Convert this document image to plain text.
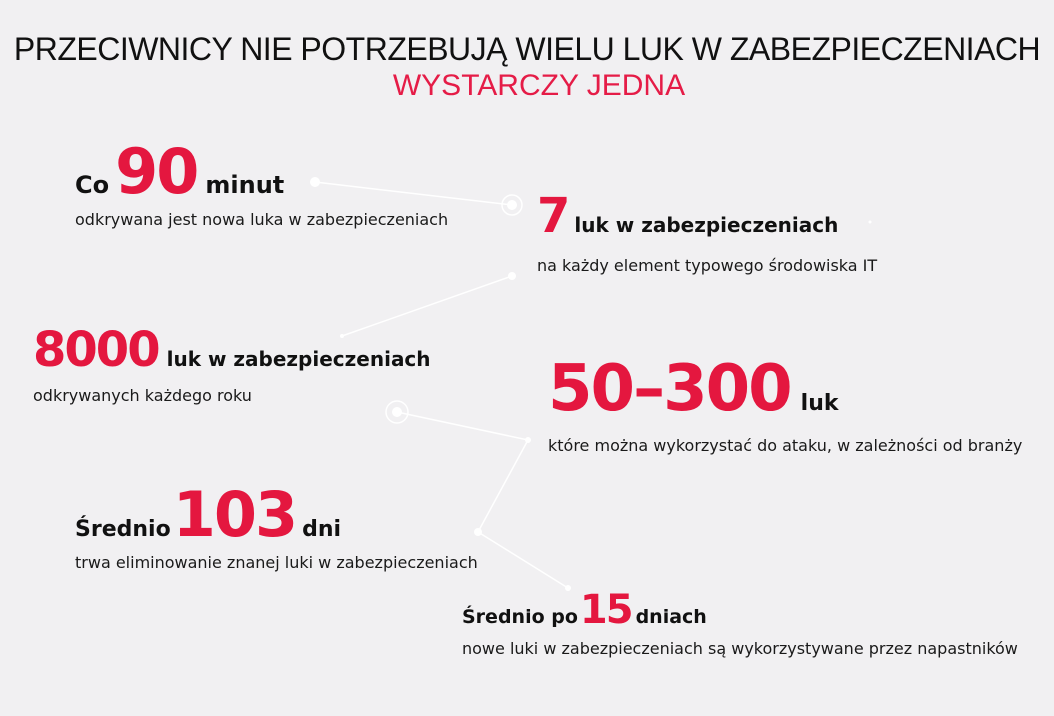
PRZECIWNICY NIE POTRZEBUJĄ WIELU LUK W ZABEZPIECZENIACH
WYSTARCZY JEDNA
Co 90 minut
odkrywana jest nowa luka w zabezpieczeniach 7 luk w zabezpieczeniach
na każdy element typowego środowiska IT
8000 luk w zabezpieczeniach
odkrywanych każdego roku	50–300 luk
które można wykorzystać do ataku, w zależności od branży
Średnio 103 dni
trwa eliminowanie znanej luki w zabezpieczeniach
Średnio po 15 dniach
nowe luki w zabezpieczeniach są wykorzystywane przez napastników
